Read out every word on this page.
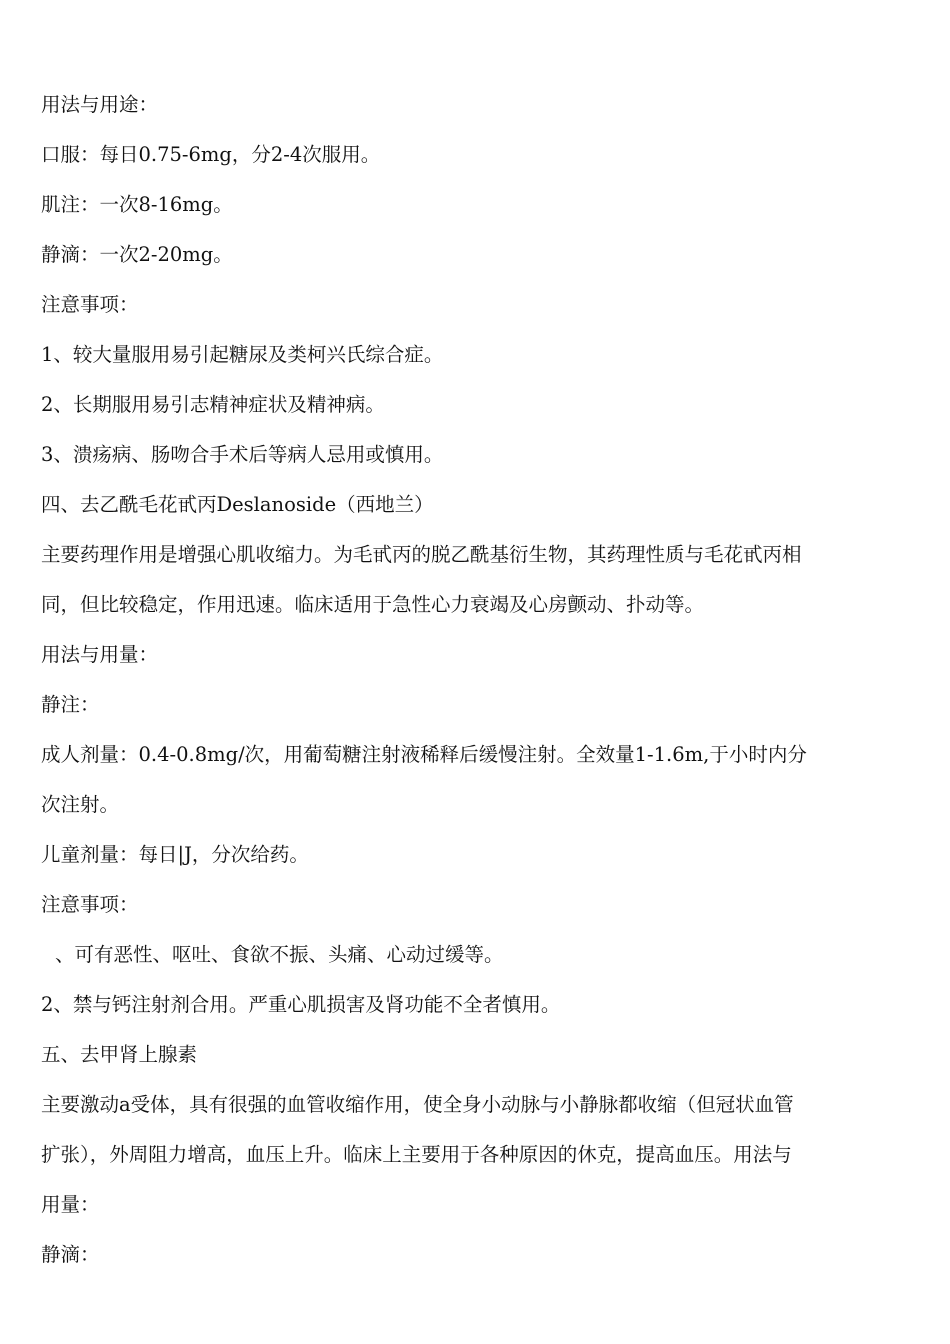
用法与用途：
口服：每日0.75-6mg，分2-4次服用。
肌注：一次8-16mg。
静滴：一次2-20mg。
注意事项：
1、较大量服用易引起糖尿及类柯兴氏综合症。
2、长期服用易引志精神症状及精神病。
3、溃疡病、肠吻合手术后等病人忌用或慎用。
四、去乙酰毛花甙丙Deslanoside（西地兰）
主要药理作用是增强心肌收缩力。为毛甙丙的脱乙酰基衍生物，其药理性质与毛花甙丙相
同，但比较稳定，作用迅速。临床适用于急性心力衰竭及心房颤动、扑动等。
用法与用量：
静注：
成人剂量：0.4-0.8mg/次，用葡萄糖注射液稀释后缓慢注射。全效量1-1.6m,于小时内分
次注射。
儿童剂量：每日|J，分次给药。
注意事项：
、可有恶性、呕吐、食欲不振、头痛、心动过缓等。
2、禁与钙注射剂合用。严重心肌损害及肾功能不全者慎用。
五、去甲肾上腺素
主要激动a受体，具有很强的血管收缩作用，使全身小动脉与小静脉都收缩（但冠状血管
扩张），外周阻力增高，血压上升。临床上主要用于各种原因的休克，提高血压。用法与
用量：
静滴：
